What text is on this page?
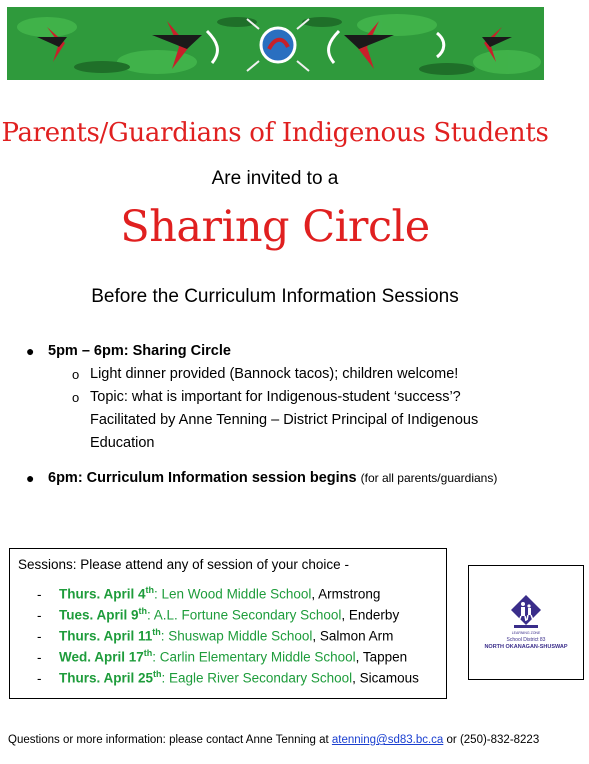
Parents/Guardians of Indigenous Students
Are invited to a
Sharing Circle
Before the Curriculum Information Sessions
● 5pm – 6pm: Sharing Circle
o Light dinner provided (Bannock tacos); children welcome!
o Topic: what is important for Indigenous-student ‘success’?
Facilitated by Anne Tenning – District Principal of Indigenous
Education
● 6pm: Curriculum Information session begins (for all parents/guardians)
Sessions: Please attend any of session of your choice -
- Thurs. April 4th: Len Wood Middle School, Armstrong
- Tues. April 9th: A.L. Fortune Secondary School, Enderby
- Thurs. April 11th: Shuswap Middle School, Salmon Arm
- Wed. April 17th: Carlin Elementary Middle School, Tappen
- Thurs. April 25th: Eagle River Secondary School, Sicamous
LEARNING ZONE
School District 83
NORTH OKANAGAN-SHUSWAP
Questions or more information: please contact Anne Tenning at atenning@sd83.bc.ca or (250)-832-8223
